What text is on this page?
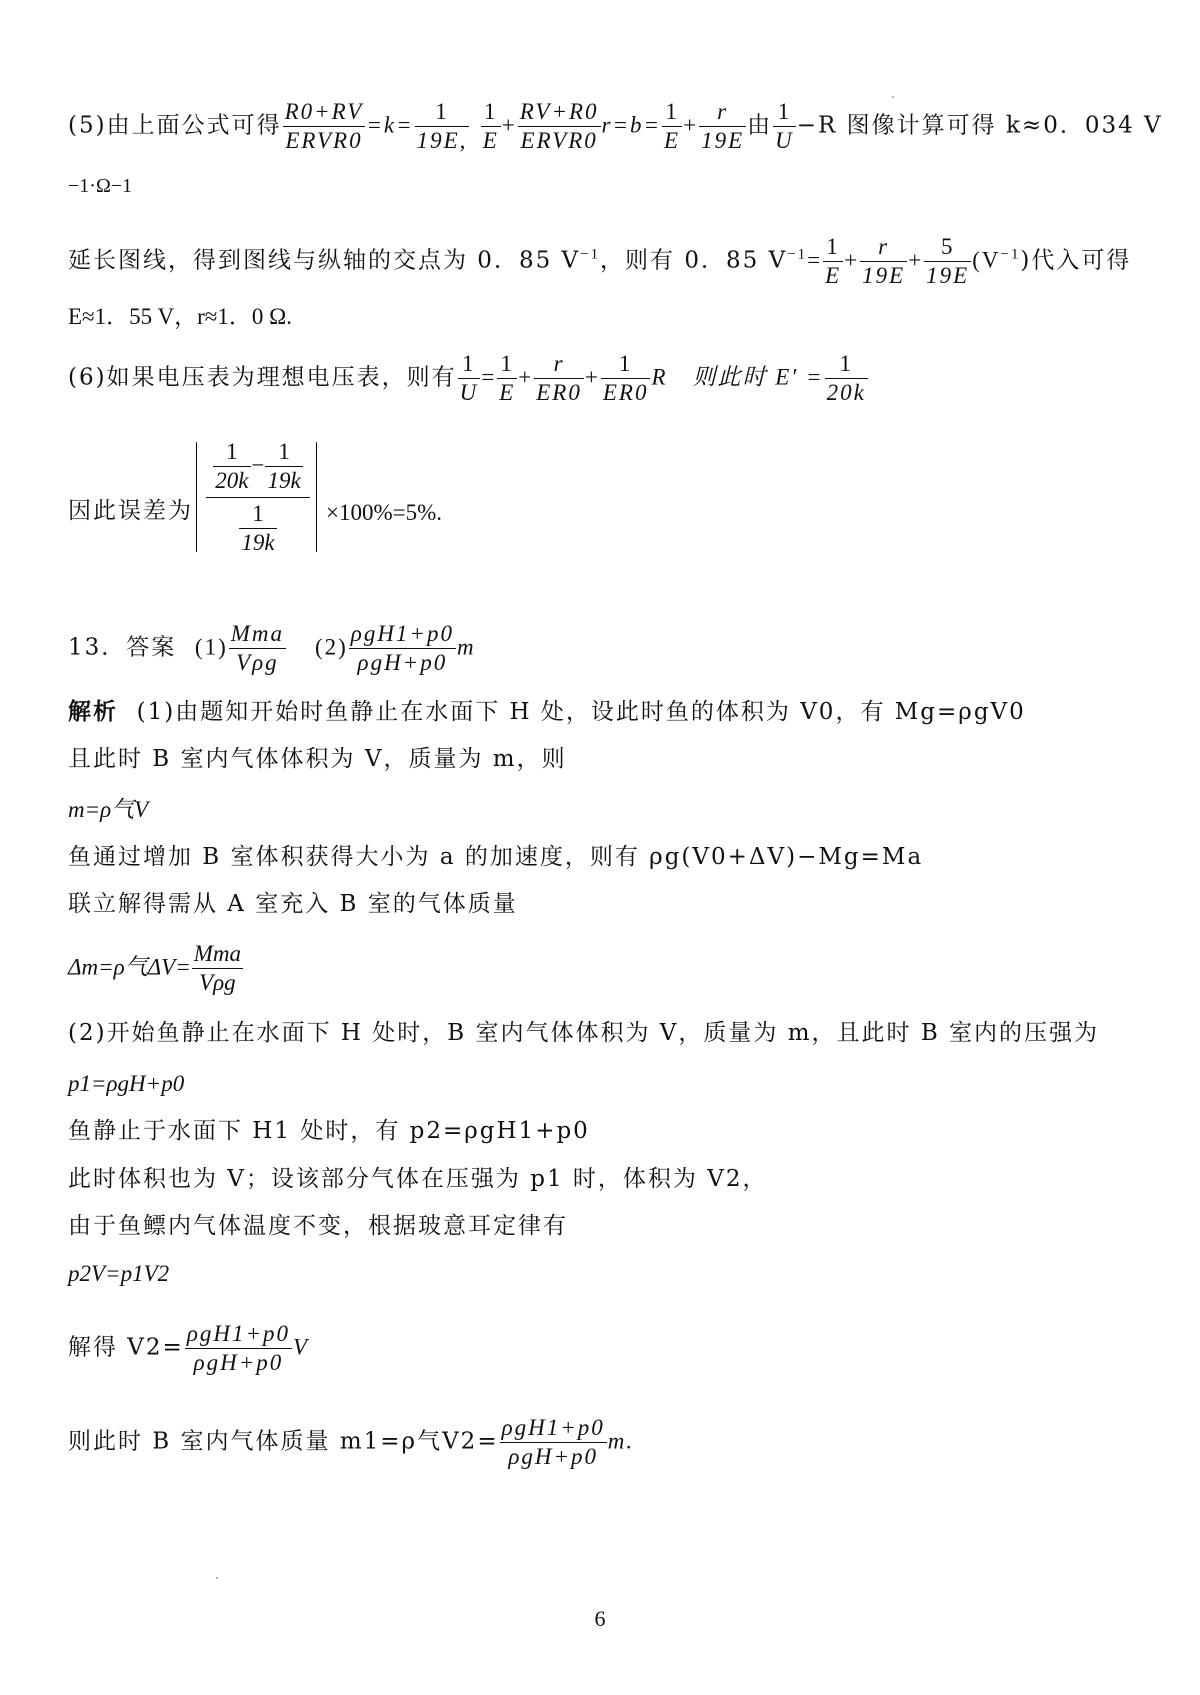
(5)由上面公式可得
R0+RV
ERVR0
$=k= \frac{1}{19E,}$
$\frac{1}{E}$ +
RV+R0
ERVR0
$r=b= \frac{1}{E} + \frac{r}{19E}$ 由 $\frac{1}{U} -R$ 图像计算可得 k≈0．034 V
−1·Ω−1
延长图线，得到图线与纵轴的交点为 0．85 $V^{-1}$，则有 0．85 $V^{-1}= \frac{1}{E} + \frac{r}{19E} + \frac{5}{19E} (V^{-1})$代入可得
E≈1．55 V，r≈1．0 Ω.
(6)如果电压表为理想电压表，则有 $\frac{1}{U} = \frac{1}{E} + \frac{r}{ER0} + \frac{1}{ER0}$ R　则此时 $E' = \frac{1}{20k}$
因此误差为 $\frac{\frac{1}{20k} - \frac{1}{19k}}{\frac{1}{19k}} \times 100\%=5\%$.
13．答案 (1)
Mma
Vρg
(2)
ρgH1+p0
ρgH+p0
m
解析 (1)由题知开始时鱼静止在水面下 H 处，设此时鱼的体积为 V0，有 Mg=ρgV0
且此时 B 室内气体体积为 V，质量为 m，则
m=ρ气V
鱼通过增加 B 室体积获得大小为 a 的加速度，则有 ρg(V0+ΔV)−Mg=Ma
联立解得需从 A 室充入 B 室的气体质量
Δm=ρ气ΔV=
Mma
Vρg
(2)开始鱼静止在水面下 H 处时，B 室内气体体积为 V，质量为 m，且此时 B 室内的压强为
p1=ρgH+p0
鱼静止于水面下 H1 处时，有 p2=ρgH1+p0
此时体积也为 V；设该部分气体在压强为 p1 时，体积为 V2，
由于鱼鳔内气体温度不变，根据玻意耳定律有
p2V=p1V2
解得 V2=
ρgH1+p0
ρgH+p0
V
则此时 B 室内气体质量 m1=ρ气V2=
ρgH1+p0
ρgH+p0
m.
6
